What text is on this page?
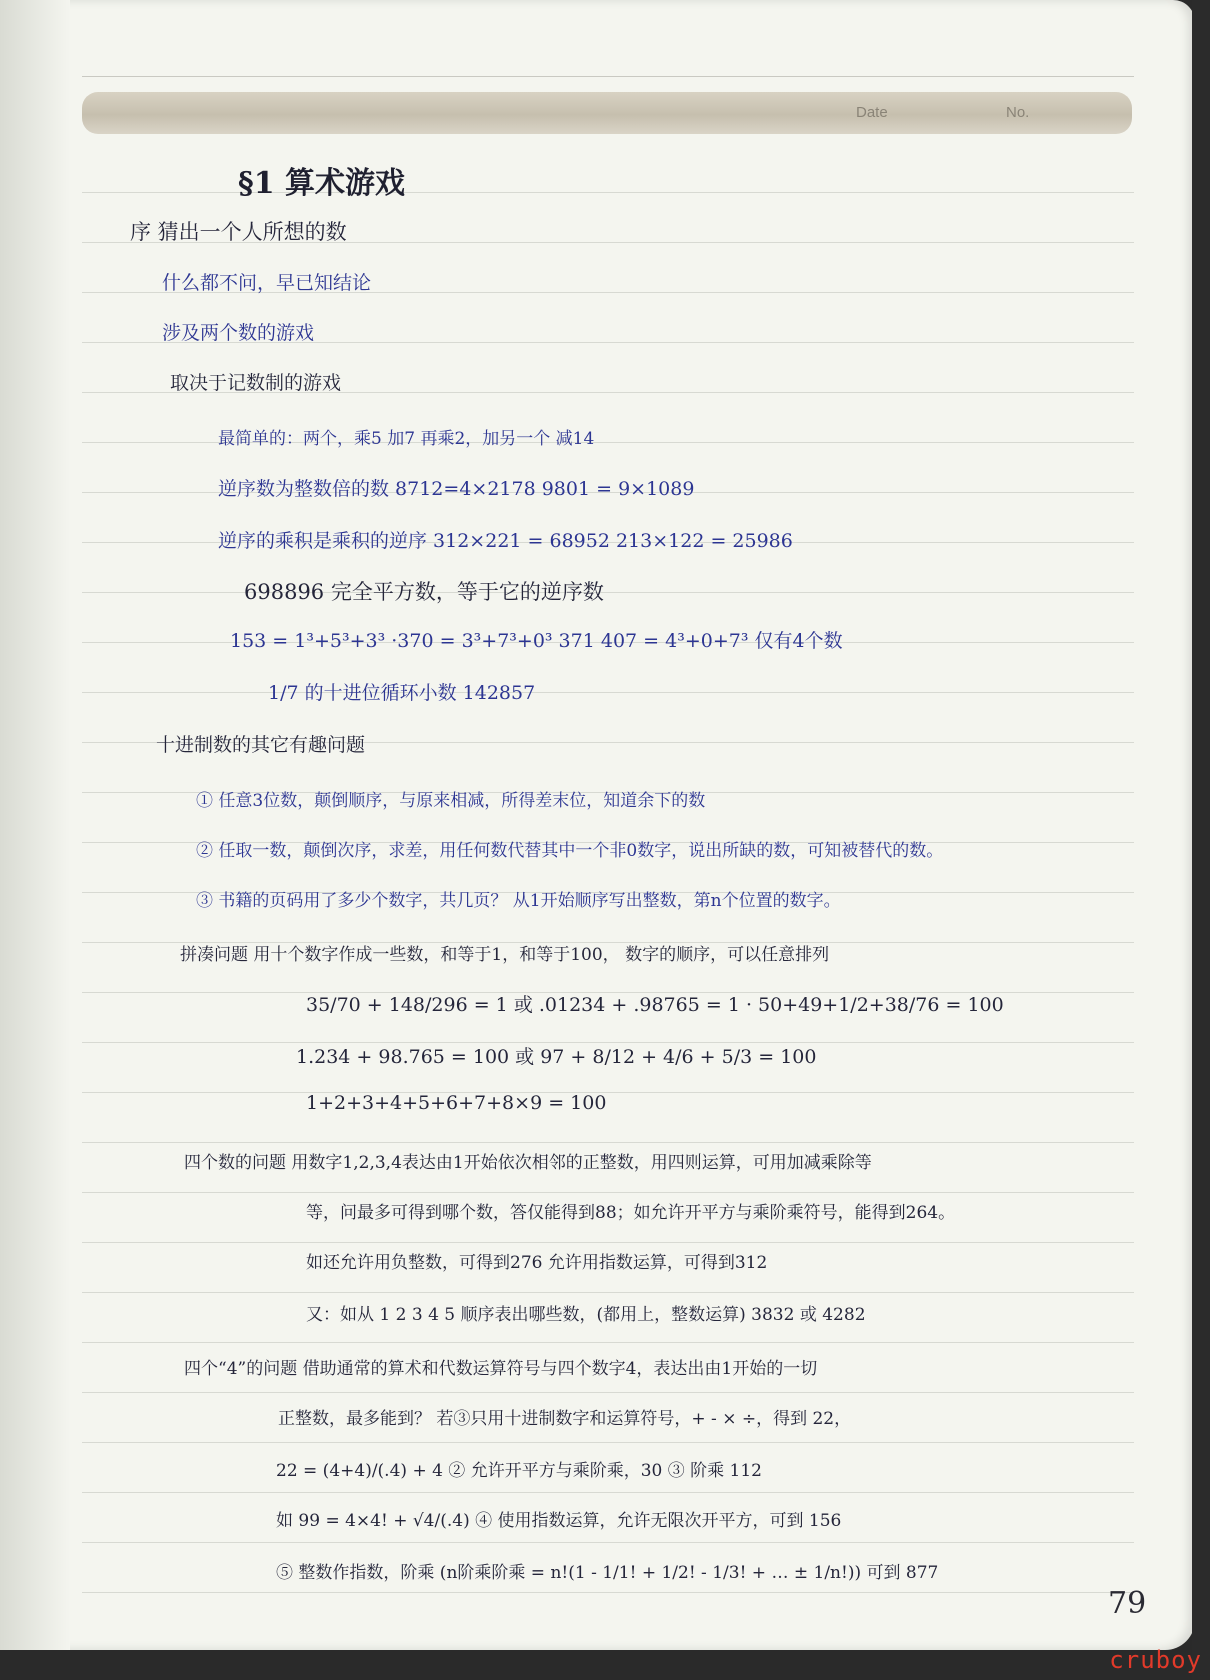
Date	No.
§1 算术游戏
序 猜出一个人所想的数
什么都不问，早已知结论
涉及两个数的游戏
取决于记数制的游戏
最简单的：两个，乘5 加7 再乘2，加另一个 减14
逆序数为整数倍的数 8712=4×2178 9801 = 9×1089
逆序的乘积是乘积的逆序 312×221 = 68952 213×122 = 25986
698896 完全平方数，等于它的逆序数
153 = 1³+5³+3³ ·370 = 3³+7³+0³ 371 407 = 4³+0+7³ 仅有4个数
1/7 的十进位循环小数 142857
十进制数的其它有趣问题
① 任意3位数，颠倒顺序，与原来相减，所得差末位，知道余下的数
② 任取一数，颠倒次序，求差，用任何数代替其中一个非0数字，说出所缺的数，可知被替代的数。
③ 书籍的页码用了多少个数字，共几页？ 从1开始顺序写出整数，第n个位置的数字。
拼凑问题 用十个数字作成一些数，和等于1，和等于100， 数字的顺序，可以任意排列
35/70 + 148/296 = 1 或 .01234 + .98765 = 1 · 50+49+1/2+38/76 = 100
1.234 + 98.765 = 100 或 97 + 8/12 + 4/6 + 5/3 = 100
1+2+3+4+5+6+7+8×9 = 100
四个数的问题 用数字1,2,3,4表达由1开始依次相邻的正整数，用四则运算，可用加减乘除等
等，问最多可得到哪个数，答仅能得到88；如允许开平方与乘阶乘符号，能得到264。
如还允许用负整数，可得到276 允许用指数运算，可得到312
又：如从 1 2 3 4 5 顺序表出哪些数，(都用上，整数运算) 3832 或 4282
四个“4”的问题 借助通常的算术和代数运算符号与四个数字4，表达出由1开始的一切
正整数，最多能到？ 若③只用十进制数字和运算符号，+ - × ÷，得到 22，
22 = (4+4)/(.4) + 4 ② 允许开平方与乘阶乘，30 ③ 阶乘 112
如 99 = 4×4! + √4/(.4) ④ 使用指数运算，允许无限次开平方，可到 156
⑤ 整数作指数，阶乘 (n阶乘阶乘 = n!(1 - 1/1! + 1/2! - 1/3! + … ± 1/n!)) 可到 877
79
cruboy
